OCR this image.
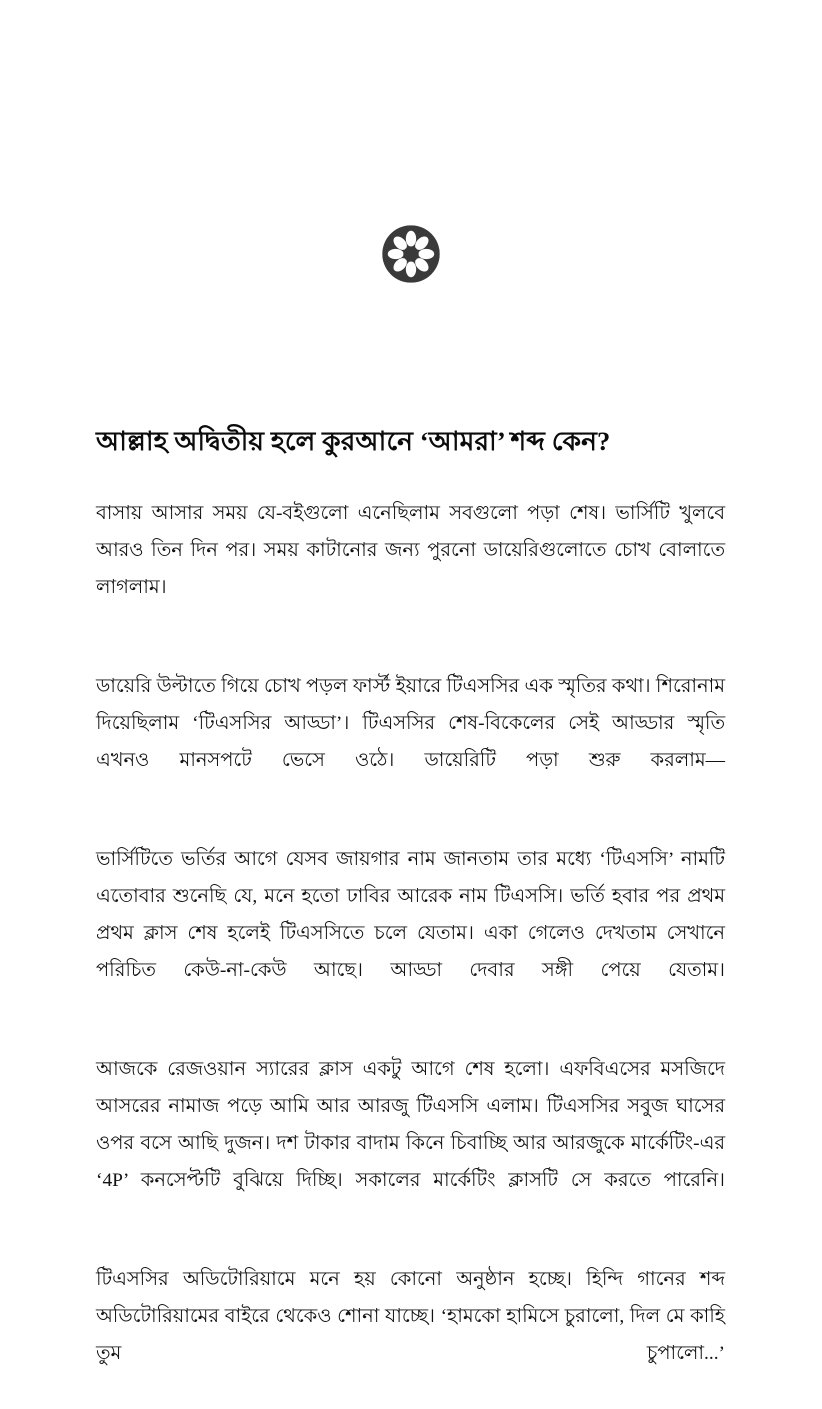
আল্লাহ অদ্বিতীয় হলে কুরআনে ‘আমরা’ শব্দ কেন?

বাসায় আসার সময় যে-বইগুলো এনেছিলাম সবগুলো পড়া শেষ। ভার্সিটি খুলবে আরও তিন দিন পর। সময় কাটানোর জন্য পুরনো ডায়েরিগুলোতে চোখ বোলাতে লাগলাম।

ডায়েরি উল্টাতে গিয়ে চোখ পড়ল ফার্স্ট ইয়ারে টিএসসির এক স্মৃতির কথা। শিরোনাম দিয়েছিলাম ‘টিএসসির আড্ডা’। টিএসসির শেষ-বিকেলের সেই আড্ডার স্মৃতি এখনও মানসপটে ভেসে ওঠে। ডায়েরিটি পড়া শুরু করলাম—

ভার্সিটিতে ভর্তির আগে যেসব জায়গার নাম জানতাম তার মধ্যে ‘টিএসসি’ নামটি এতোবার শুনেছি যে, মনে হতো ঢাবির আরেক নাম টিএসসি। ভর্তি হবার পর প্রথম প্রথম ক্লাস শেষ হলেই টিএসসিতে চলে যেতাম। একা গেলেও দেখতাম সেখানে পরিচিত কেউ-না-কেউ আছে। আড্ডা দেবার সঙ্গী পেয়ে যেতাম।

আজকে রেজওয়ান স্যারের ক্লাস একটু আগে শেষ হলো। এফবিএসের মসজিদে আসরের নামাজ পড়ে আমি আর আরজু টিএসসি এলাম। টিএসসির সবুজ ঘাসের ওপর বসে আছি দুজন। দশ টাকার বাদাম কিনে চিবাচ্ছি আর আরজুকে মার্কেটিং-এর ‘4P’ কনসেপ্টটি বুঝিয়ে দিচ্ছি। সকালের মার্কেটিং ক্লাসটি সে করতে পারেনি।

টিএসসির অডিটোরিয়ামে মনে হয় কোনো অনুষ্ঠান হচ্ছে। হিন্দি গানের শব্দ অডিটোরিয়ামের বাইরে থেকেও শোনা যাচ্ছে। ‘হামকো হামিসে চুরালো, দিল মে কাহি তুম চুপালো...’
